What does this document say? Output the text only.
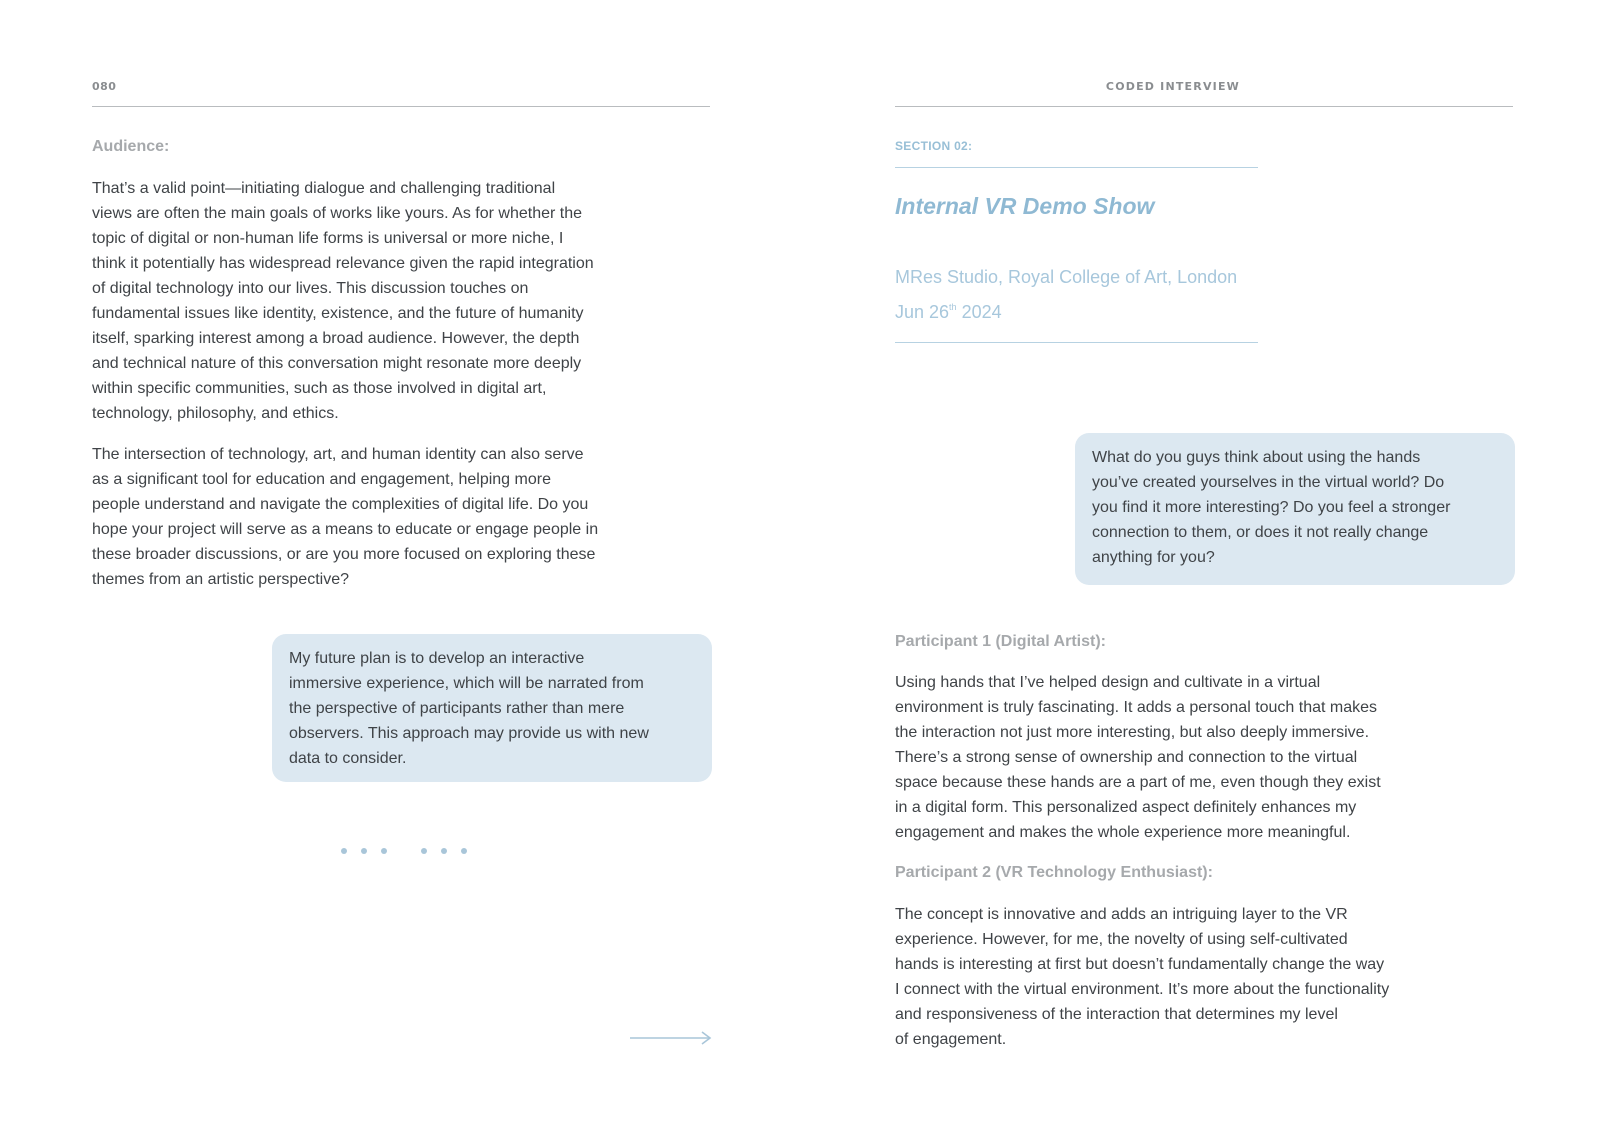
080
Audience:
That’s a valid point—initiating dialogue and challenging traditional
views are often the main goals of works like yours. As for whether the
topic of digital or non-human life forms is universal or more niche, I
think it potentially has widespread relevance given the rapid integration
of digital technology into our lives. This discussion touches on
fundamental issues like identity, existence, and the future of humanity
itself, sparking interest among a broad audience. However, the depth
and technical nature of this conversation might resonate more deeply
within specific communities, such as those involved in digital art,
technology, philosophy, and ethics.
The intersection of technology, art, and human identity can also serve
as a significant tool for education and engagement, helping more
people understand and navigate the complexities of digital life. Do you
hope your project will serve as a means to educate or engage people in
these broader discussions, or are you more focused on exploring these
themes from an artistic perspective?
My future plan is to develop an interactive
immersive experience, which will be narrated from
the perspective of participants rather than mere
observers. This approach may provide us with new
data to consider.
CODED INTERVIEW
SECTION 02:
Internal VR Demo Show
MRes Studio, Royal College of Art, London
Jun 26th 2024
What do you guys think about using the hands
you’ve created yourselves in the virtual world? Do
you find it more interesting? Do you feel a stronger
connection to them, or does it not really change
anything for you?
Participant 1 (Digital Artist):
Using hands that I’ve helped design and cultivate in a virtual
environment is truly fascinating. It adds a personal touch that makes
the interaction not just more interesting, but also deeply immersive.
There’s a strong sense of ownership and connection to the virtual
space because these hands are a part of me, even though they exist
in a digital form. This personalized aspect definitely enhances my
engagement and makes the whole experience more meaningful.
Participant 2 (VR Technology Enthusiast):
The concept is innovative and adds an intriguing layer to the VR
experience. However, for me, the novelty of using self-cultivated
hands is interesting at first but doesn’t fundamentally change the way
I connect with the virtual environment. It’s more about the functionality
and responsiveness of the interaction that determines my level
of engagement.
